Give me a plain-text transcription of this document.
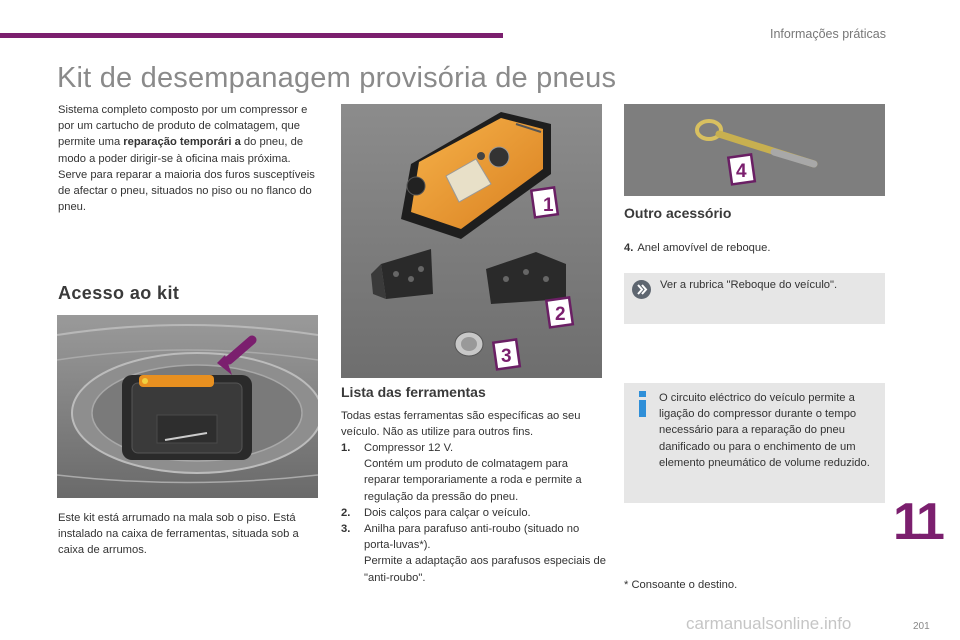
Informações práticas
Kit de desempanagem provisória de pneus
Sistema completo composto por um compressor e por um cartucho de produto de colmatagem, que permite uma reparação temporári a do pneu, de modo a poder dirigir-se à oficina mais próxima.
Serve para reparar a maioria dos furos susceptíveis de afectar o pneu, situados no piso ou no flanco do pneu.
Acesso ao kit
Este kit está arrumado na mala sob o piso. Está instalado na caixa de ferramentas, situada sob a caixa de arrumos.
1
2
3
Lista das ferramentas
Todas estas ferramentas são específicas ao seu veículo. Não as utilize para outros fins.
1.	Compressor 12 V.
Contém um produto de colmatagem para reparar temporariamente a roda e permite a regulação da pressão do pneu.
2.	Dois calços para calçar o veículo.
3.	Anilha para parafuso anti-roubo (situado no porta-luvas*).
Permite a adaptação aos parafusos especiais de "anti-roubo".
4
Outro acessório
4. Anel amovível de reboque.
Ver a rubrica "Reboque do veículo".
O circuito eléctrico do veículo permite a ligação do compressor durante o tempo necessário para a reparação do pneu danificado ou para o enchimento de um elemento pneumático de volume reduzido.
* Consoante o destino.
11
201
carmanualsonline.info
